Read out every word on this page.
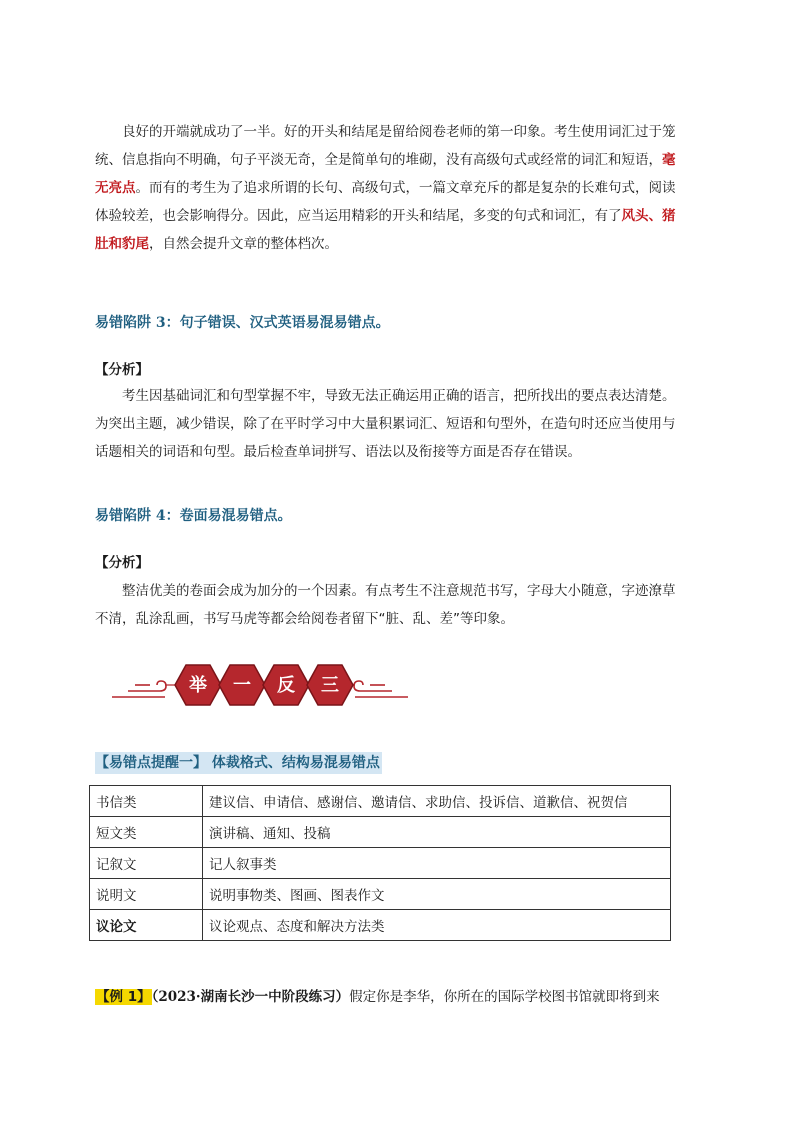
良好的开端就成功了一半。好的开头和结尾是留给阅卷老师的第一印象。考生使用词汇过于笼统、信息指向不明确，句子平淡无奇，全是简单句的堆砌，没有高级句式或经常的词汇和短语，毫无亮点。而有的考生为了追求所谓的长句、高级句式，一篇文章充斥的都是复杂的长难句式，阅读体验较差，也会影响得分。因此，应当运用精彩的开头和结尾，多变的句式和词汇，有了风头、猪肚和豹尾，自然会提升文章的整体档次。

易错陷阱 3：句子错误、汉式英语易混易错点。

【分析】

考生因基础词汇和句型掌握不牢，导致无法正确运用正确的语言，把所找出的要点表达清楚。为突出主题，减少错误，除了在平时学习中大量积累词汇、短语和句型外，在造句时还应当使用与话题相关的词语和句型。最后检查单词拼写、语法以及衔接等方面是否存在错误。

易错陷阱 4：卷面易混易错点。

【分析】

整洁优美的卷面会成为加分的一个因素。有点考生不注意规范书写，字母大小随意，字迹潦草不清，乱涂乱画，书写马虎等都会给阅卷者留下“脏、乱、差”等印象。

举 一 反 三
【易错点提醒一】 体裁格式、结构易混易错点
书信类	建议信、申请信、感谢信、邀请信、求助信、投诉信、道歉信、祝贺信
短文类	演讲稿、通知、投稿
记叙文	记人叙事类
说明文	说明事物类、图画、图表作文
议论文	议论观点、态度和解决方法类
【例 1】（2023·湖南长沙一中阶段练习）假定你是李华，你所在的国际学校图书馆就即将到来
